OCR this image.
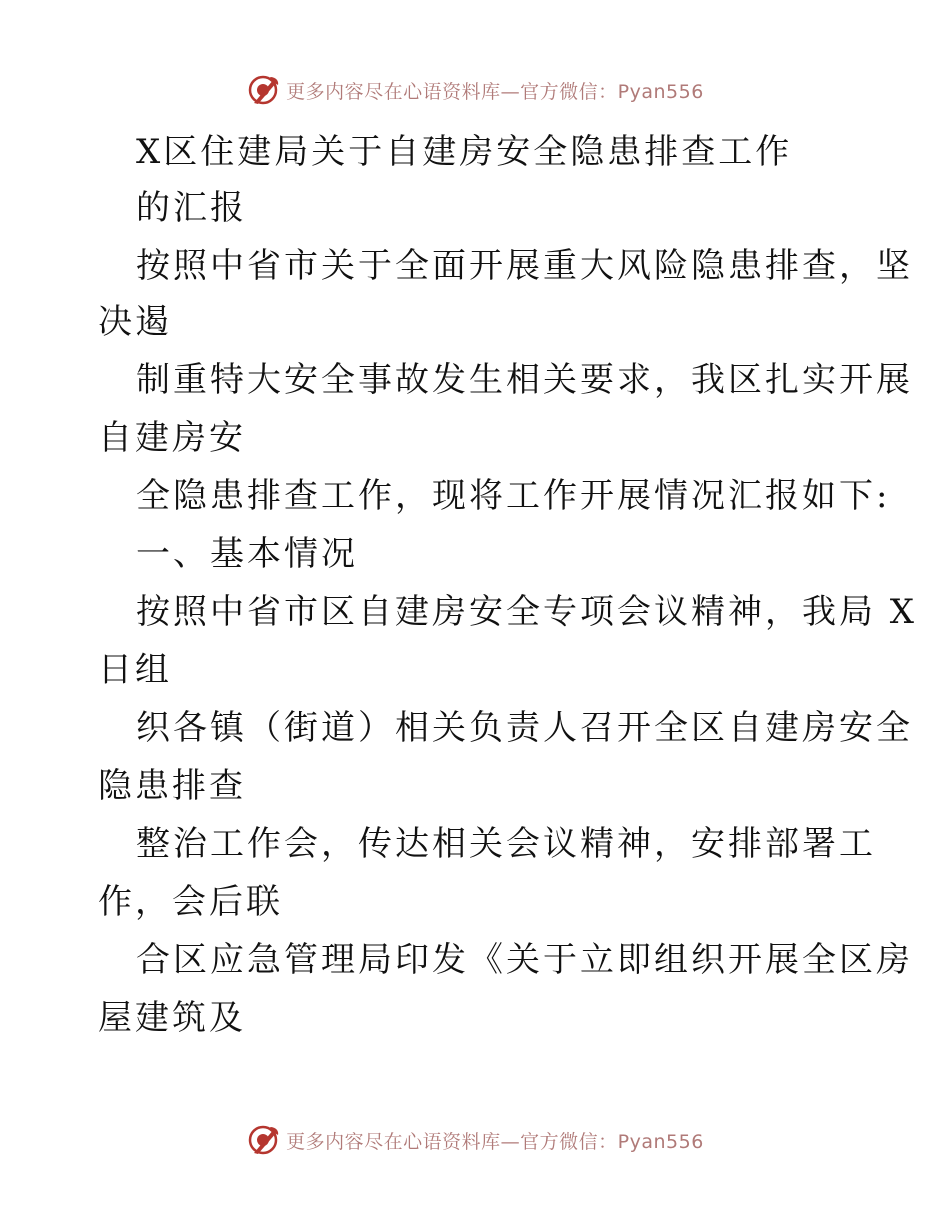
更多内容尽在心语资料库—官方微信：Pyan556
X区住建局关于自建房安全隐患排查工作
的汇报
按照中省市关于全面开展重大风险隐患排查，坚
决遏
制重特大安全事故发生相关要求，我区扎实开展
自建房安
全隐患排查工作，现将工作开展情况汇报如下:
一、基本情况
按照中省市区自建房安全专项会议精神，我局 X
日组
织各镇（街道）相关负责人召开全区自建房安全
隐患排查
整治工作会，传达相关会议精神，安排部署工
作，会后联
合区应急管理局印发《关于立即组织开展全区房
屋建筑及
更多内容尽在心语资料库—官方微信：Pyan556
